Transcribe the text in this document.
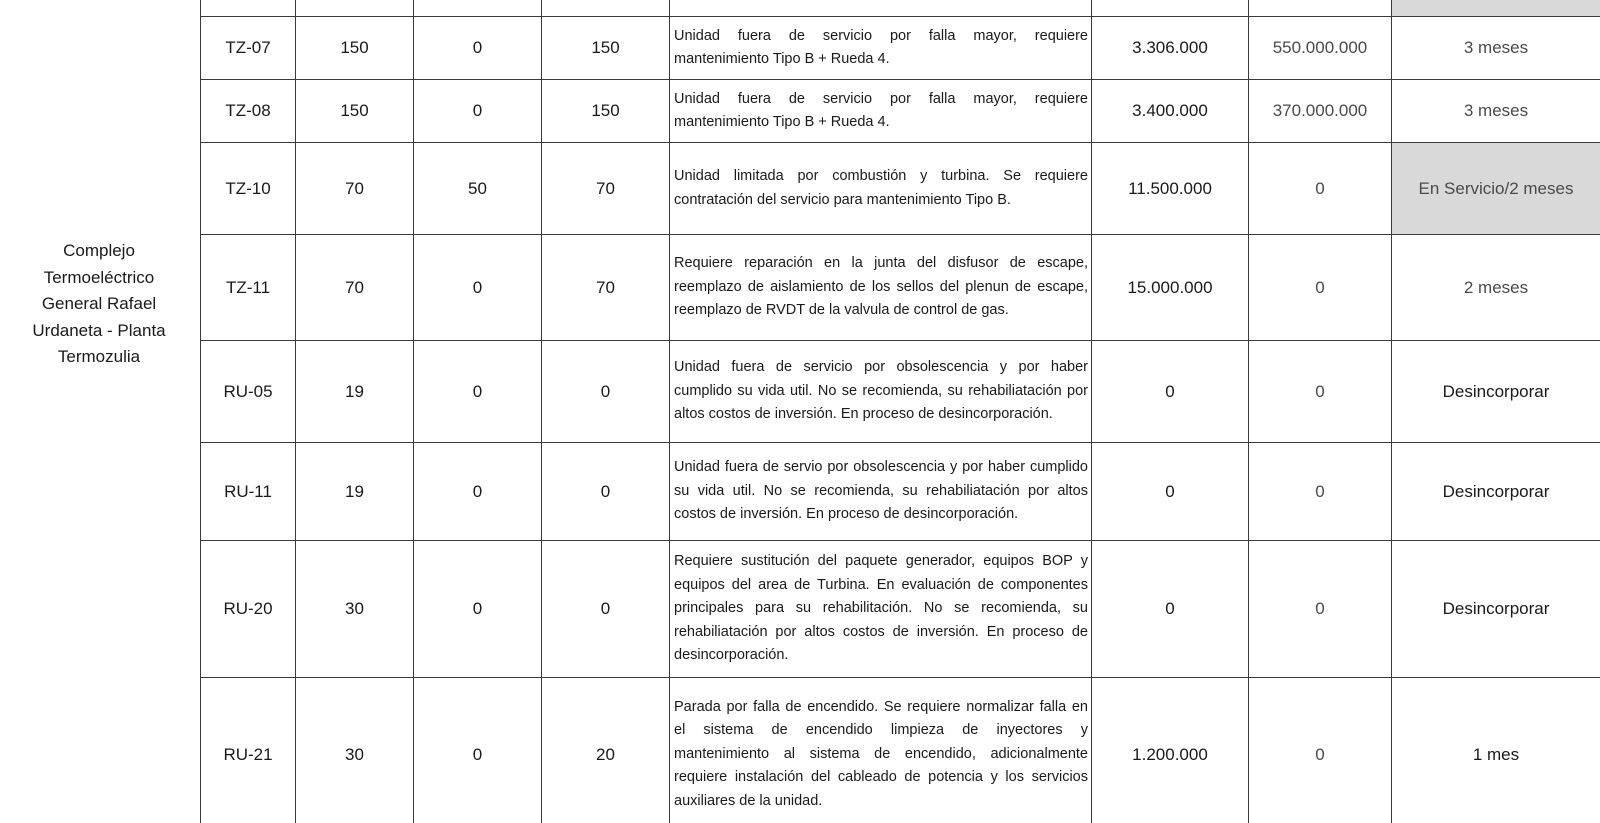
Complejo
Termoeléctrico
General Rafael
Urdaneta - Planta
Termozulia

TZ-07	150	0	150	Unidad fuera de servicio por falla mayor, requiere mantenimiento Tipo B + Rueda 4.	3.306.000	550.000.000	3 meses
TZ-08	150	0	150	Unidad fuera de servicio por falla mayor, requiere mantenimiento Tipo B + Rueda 4.	3.400.000	370.000.000	3 meses
TZ-10	70	50	70	Unidad limitada por combustión y turbina. Se requiere contratación del servicio para mantenimiento Tipo B.	11.500.000	0	En Servicio/2 meses
TZ-11	70	0	70	Requiere reparación en la junta del disfusor de escape, reemplazo de aislamiento de los sellos del plenun de escape, reemplazo de RVDT de la valvula de control de gas.	15.000.000	0	2 meses
RU-05	19	0	0	Unidad fuera de servicio por obsolescencia y por haber cumplido su vida util. No se recomienda, su rehabiliatación por altos costos de inversión. En proceso de desincorporación.	0	0	Desincorporar
RU-11	19	0	0	Unidad fuera de servio por obsolescencia y por haber cumplido su vida util. No se recomienda, su rehabiliatación por altos costos de inversión. En proceso de desincorporación.	0	0	Desincorporar
RU-20	30	0	0	Requiere sustitución del paquete generador, equipos BOP y equipos del area de Turbina. En evaluación de componentes principales para su rehabilitación. No se recomienda, su rehabiliatación por altos costos de inversión. En proceso de desincorporación.	0	0	Desincorporar
RU-21	30	0	20	Parada por falla de encendido. Se requiere normalizar falla en el sistema de encendido limpieza de inyectores y mantenimiento al sistema de encendido, adicionalmente requiere instalación del cableado de potencia y los servicios auxiliares de la unidad.	1.200.000	0	1 mes
